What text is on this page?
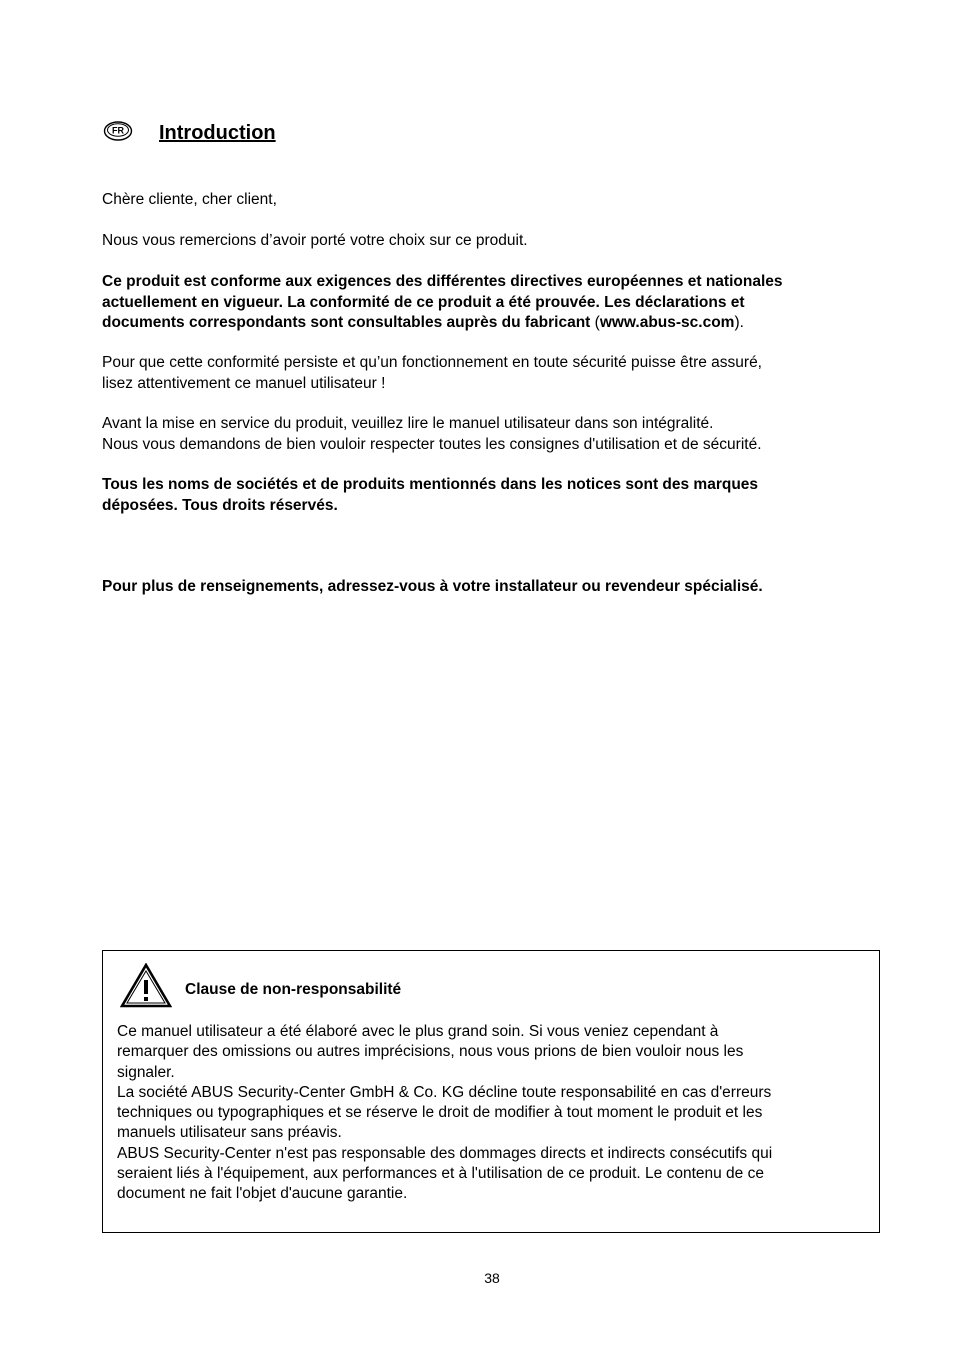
FR Introduction

Chère cliente, cher client,

Nous vous remercions d’avoir porté votre choix sur ce produit.

Ce produit est conforme aux exigences des différentes directives européennes et nationales
actuellement en vigueur. La conformité de ce produit a été prouvée. Les déclarations et
documents correspondants sont consultables auprès du fabricant (www.abus-sc.com).

Pour que cette conformité persiste et qu’un fonctionnement en toute sécurité puisse être assuré,
lisez attentivement ce manuel utilisateur !

Avant la mise en service du produit, veuillez lire le manuel utilisateur dans son intégralité.
Nous vous demandons de bien vouloir respecter toutes les consignes d'utilisation et de sécurité.

Tous les noms de sociétés et de produits mentionnés dans les notices sont des marques
déposées. Tous droits réservés.

Pour plus de renseignements, adressez-vous à votre installateur ou revendeur spécialisé.

Clause de non-responsabilité

Ce manuel utilisateur a été élaboré avec le plus grand soin. Si vous veniez cependant à
remarquer des omissions ou autres imprécisions, nous vous prions de bien vouloir nous les
signaler.
La société ABUS Security-Center GmbH & Co. KG décline toute responsabilité en cas d'erreurs
techniques ou typographiques et se réserve le droit de modifier à tout moment le produit et les
manuels utilisateur sans préavis.
ABUS Security-Center n'est pas responsable des dommages directs et indirects consécutifs qui
seraient liés à l'équipement, aux performances et à l'utilisation de ce produit. Le contenu de ce
document ne fait l'objet d'aucune garantie.

38
